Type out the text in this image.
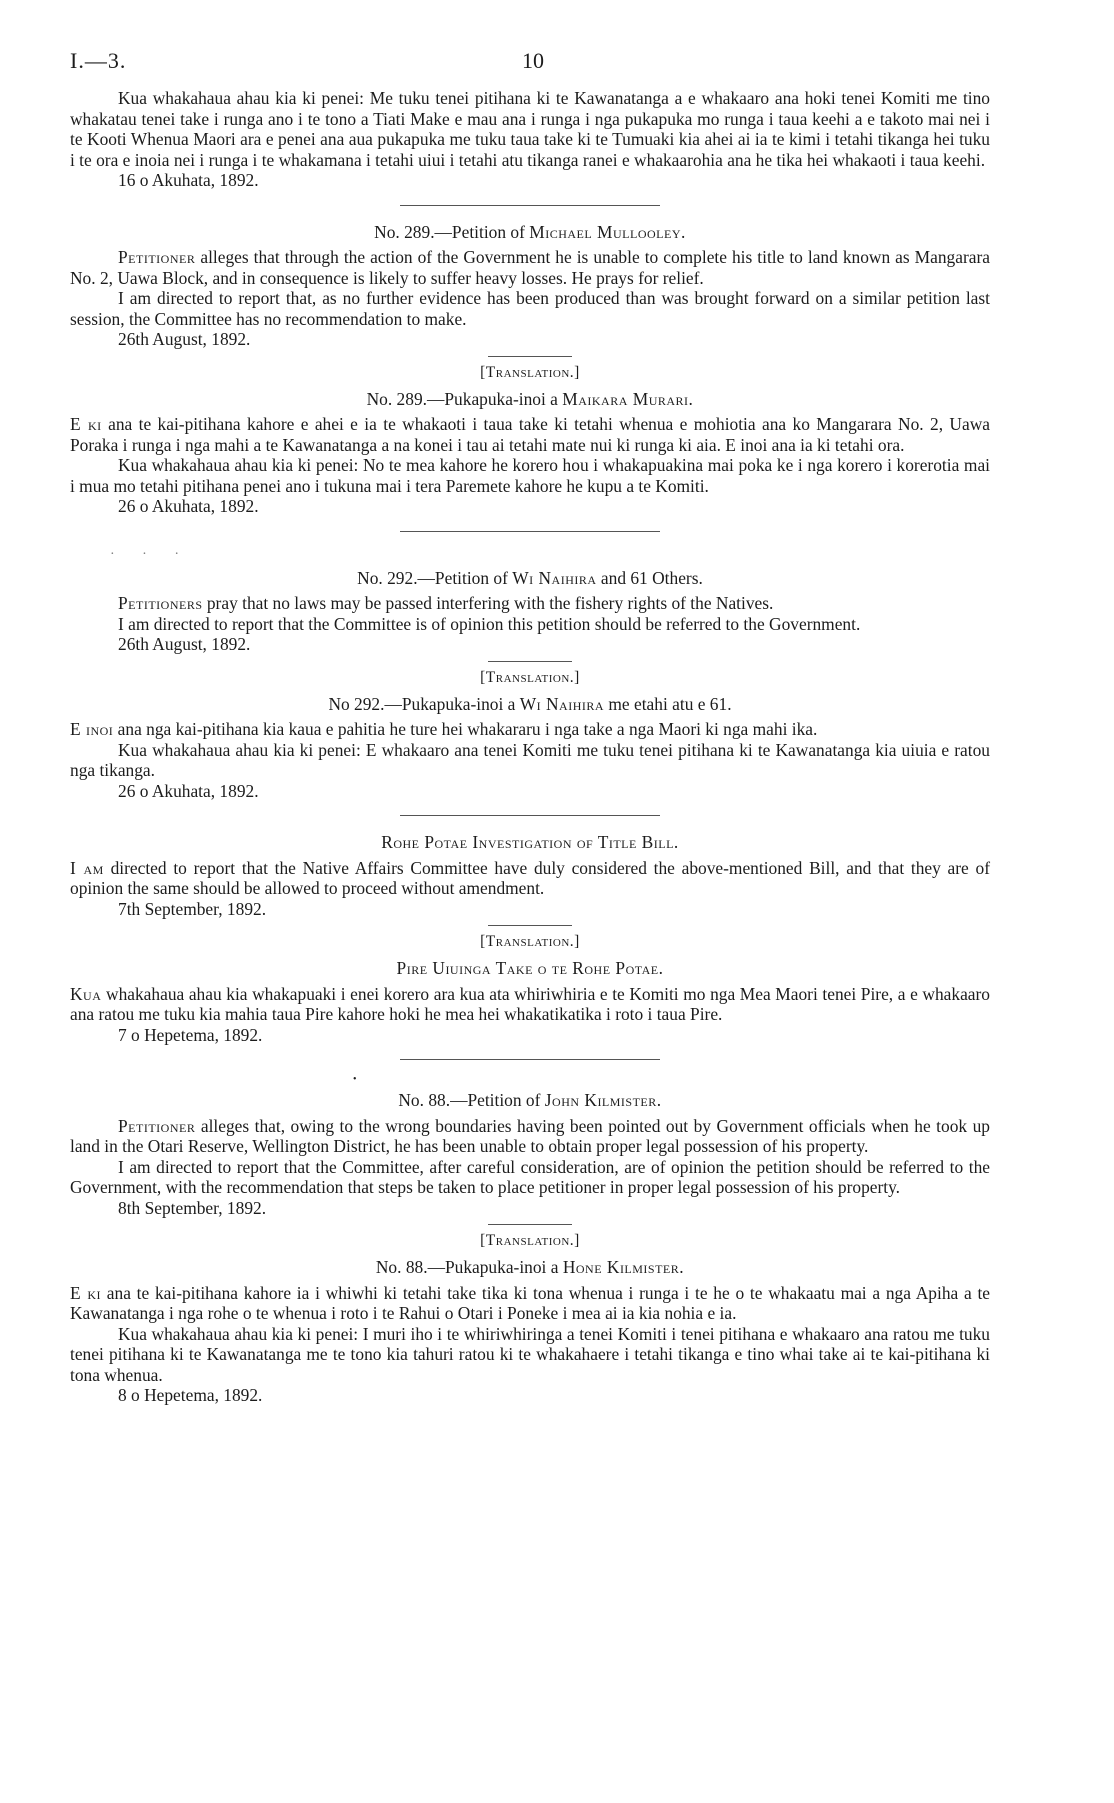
I.—3.	10

Kua whakahaua ahau kia ki penei: Me tuku tenei pitihana ki te Kawanatanga a e whakaaro ana hoki tenei Komiti me tino whakatau tenei take i runga ano i te tono a Tiati Make e mau ana i runga i nga pukapuka mo runga i taua keehi a e takoto mai nei i te Kooti Whenua Maori ara e penei ana aua pukapuka me tuku taua take ki te Tumuaki kia ahei ai ia te kimi i tetahi tikanga hei tuku i te ora e inoia nei i runga i te whakamana i tetahi uiui i tetahi atu tikanga ranei e whakaarohia ana he tika hei whakaoti i taua keehi.

16 o Akuhata, 1892.

No. 289.—Petition of Michael Mullooley.

Petitioner alleges that through the action of the Government he is unable to complete his title to land known as Mangarara No. 2, Uawa Block, and in consequence is likely to suffer heavy losses. He prays for relief.

I am directed to report that, as no further evidence has been produced than was brought forward on a similar petition last session, the Committee has no recommendation to make.

26th August, 1892.

[Translation.]
No. 289.—Pukapuka-inoi a Maikara Murari.

E ki ana te kai-pitihana kahore e ahei e ia te whakaoti i taua take ki tetahi whenua e mohiotia ana ko Mangarara No. 2, Uawa Poraka i runga i nga mahi a te Kawanatanga a na konei i tau ai tetahi mate nui ki runga ki aia. E inoi ana ia ki tetahi ora.

Kua whakahaua ahau kia ki penei: No te mea kahore he korero hou i whakapuakina mai poka ke i nga korero i korerotia mai i mua mo tetahi pitihana penei ano i tukuna mai i tera Paremete kahore he kupu a te Komiti.

26 o Akuhata, 1892.

· · ·
No. 292.—Petition of Wi Naihira and 61 Others.

Petitioners pray that no laws may be passed interfering with the fishery rights of the Natives.

I am directed to report that the Committee is of opinion this petition should be referred to the Government.

26th August, 1892.

[Translation.]
No 292.—Pukapuka-inoi a Wi Naihira me etahi atu e 61.

E inoi ana nga kai-pitihana kia kaua e pahitia he ture hei whakararu i nga take a nga Maori ki nga mahi ika.

Kua whakahaua ahau kia ki penei: E whakaaro ana tenei Komiti me tuku tenei pitihana ki te Kawanatanga kia uiuia e ratou nga tikanga.

26 o Akuhata, 1892.

Rohe Potae Investigation of Title Bill.

I am directed to report that the Native Affairs Committee have duly considered the above-mentioned Bill, and that they are of opinion the same should be allowed to proceed without amendment.

7th September, 1892.

[Translation.]
Pire Uiuinga Take o te Rohe Potae.

Kua whakahaua ahau kia whakapuaki i enei korero ara kua ata whiriwhiria e te Komiti mo nga Mea Maori tenei Pire, a e whakaaro ana ratou me tuku kia mahia taua Pire kahore hoki he mea hei whakatikatika i roto i taua Pire.

7 o Hepetema, 1892.

•
No. 88.—Petition of John Kilmister.

Petitioner alleges that, owing to the wrong boundaries having been pointed out by Government officials when he took up land in the Otari Reserve, Wellington District, he has been unable to obtain proper legal possession of his property.

I am directed to report that the Committee, after careful consideration, are of opinion the petition should be referred to the Government, with the recommendation that steps be taken to place petitioner in proper legal possession of his property.

8th September, 1892.

[Translation.]
No. 88.—Pukapuka-inoi a Hone Kilmister.

E ki ana te kai-pitihana kahore ia i whiwhi ki tetahi take tika ki tona whenua i runga i te he o te whakaatu mai a nga Apiha a te Kawanatanga i nga rohe o te whenua i roto i te Rahui o Otari i Poneke i mea ai ia kia nohia e ia.

Kua whakahaua ahau kia ki penei: I muri iho i te whiriwhiringa a tenei Komiti i tenei pitihana e whakaaro ana ratou me tuku tenei pitihana ki te Kawanatanga me te tono kia tahuri ratou ki te whakahaere i tetahi tikanga e tino whai take ai te kai-pitihana ki tona whenua.

8 o Hepetema, 1892.
